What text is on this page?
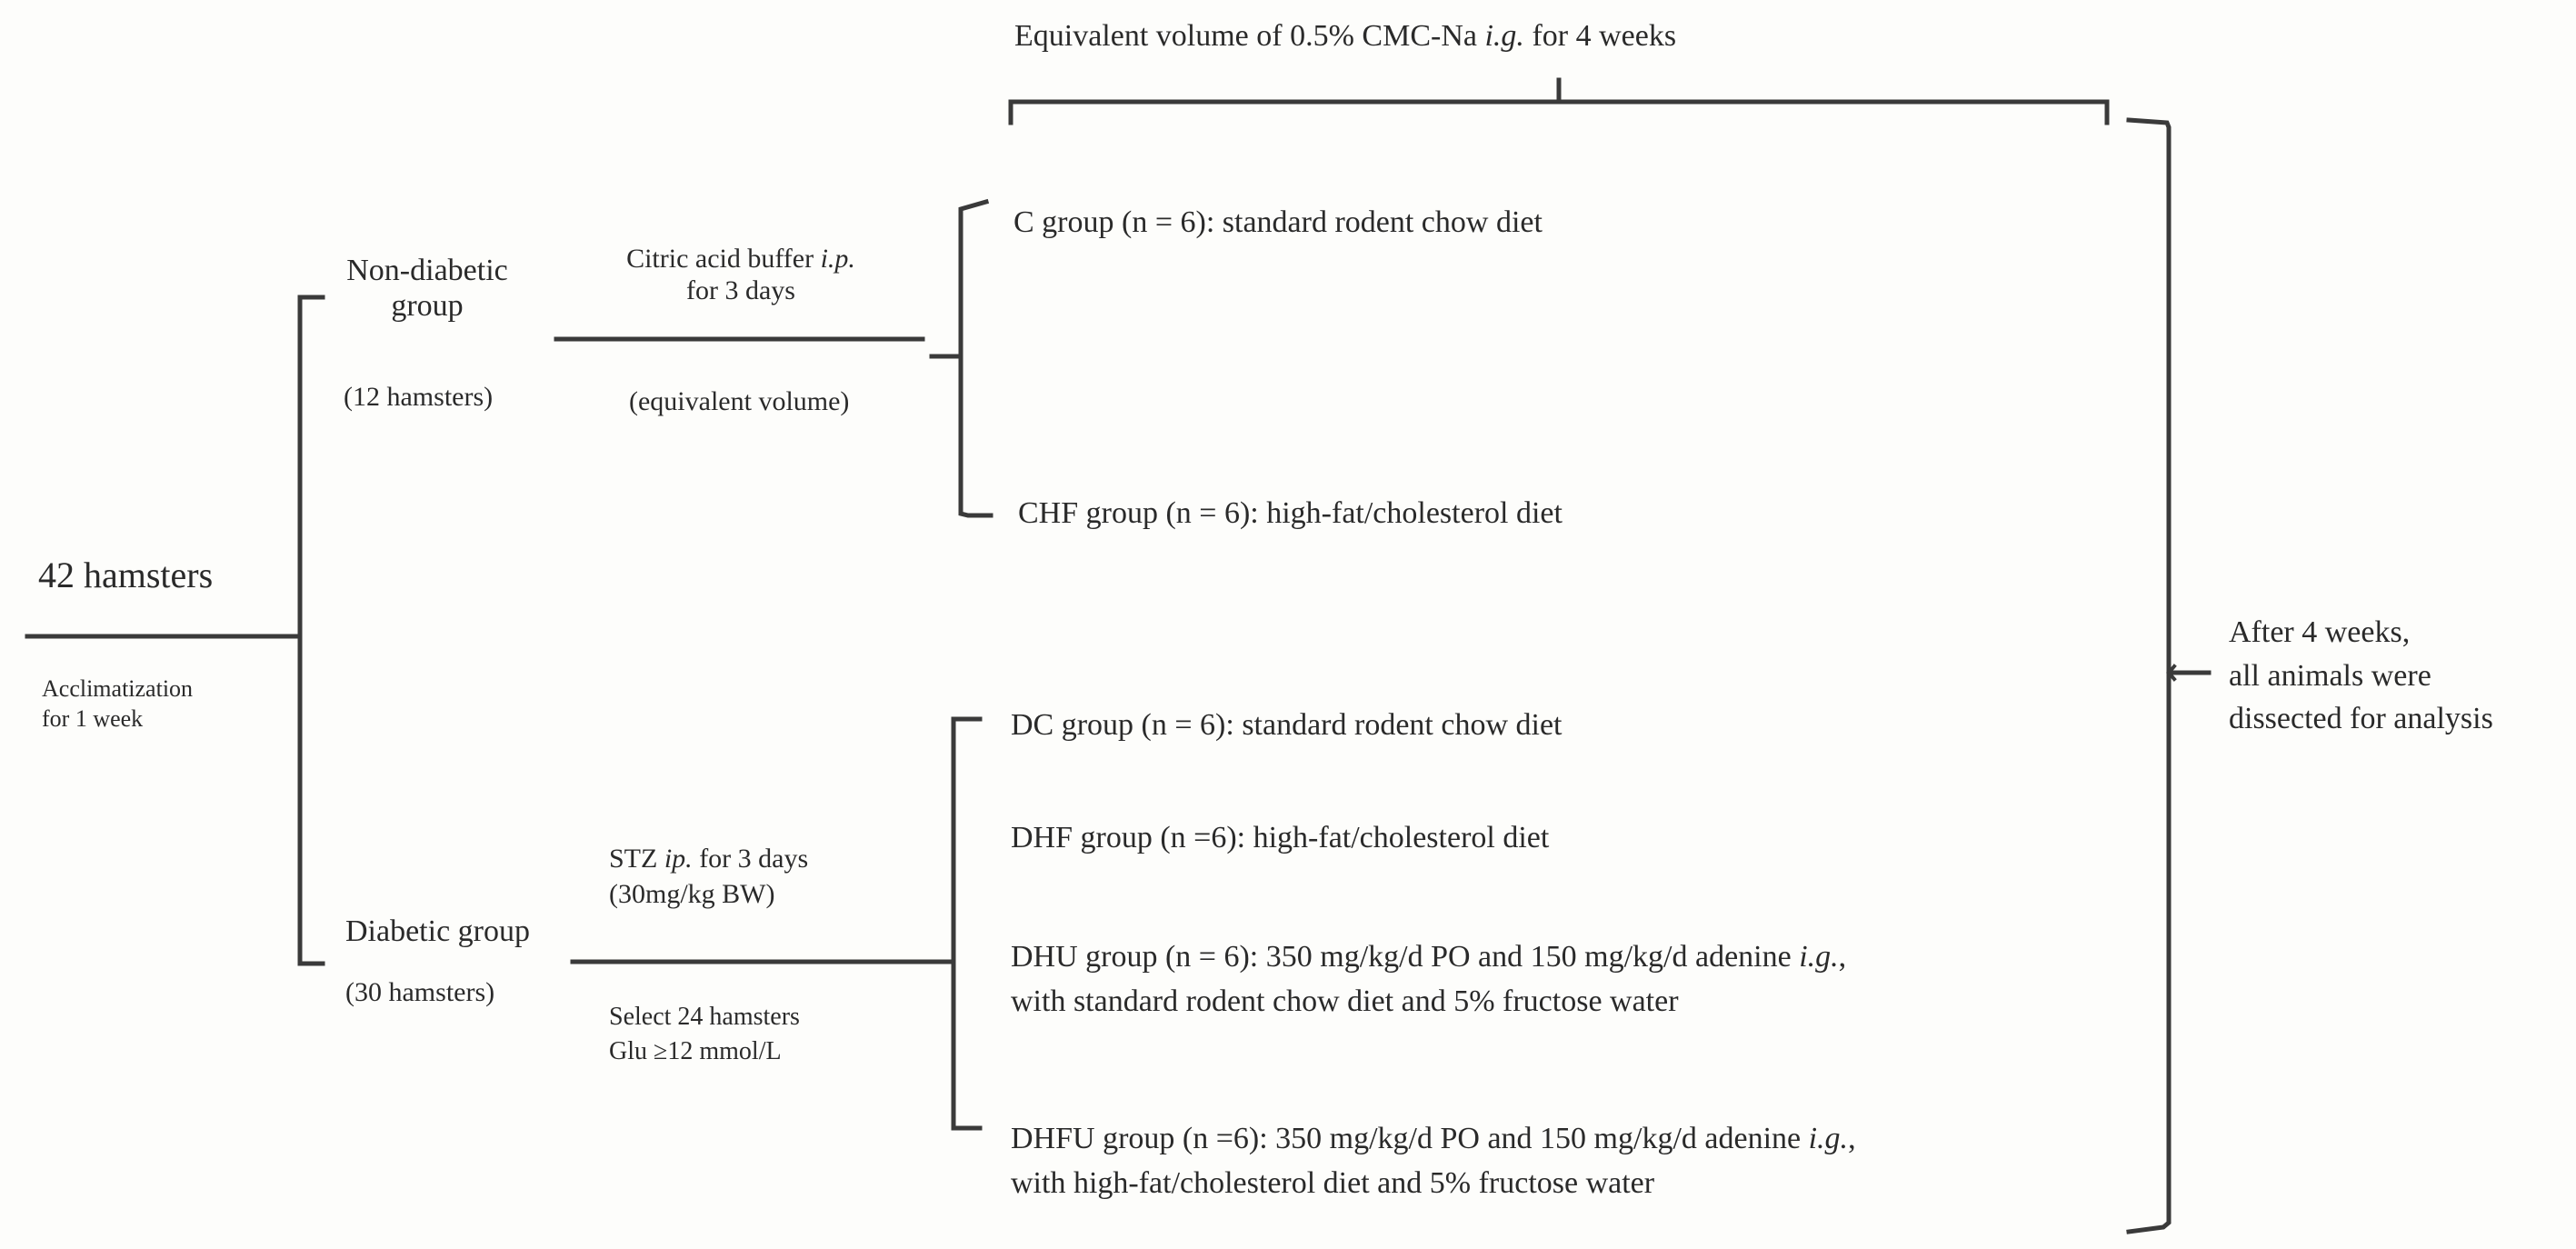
42 hamsters
Acclimatization
for 1 week
Non-diabetic
group
(12 hamsters)
Citric acid buffer i.p.
for 3 days
(equivalent volume)
C group (n = 6): standard rodent chow diet
CHF group (n = 6): high-fat/cholesterol diet
Diabetic group
(30 hamsters)
STZ ip. for 3 days
(30mg/kg BW)
Select 24 hamsters
Glu ≥12 mmol/L
DC group (n = 6): standard rodent chow diet
DHF group (n =6): high-fat/cholesterol diet
DHU group (n = 6): 350 mg/kg/d PO and 150 mg/kg/d adenine i.g.,
with standard rodent chow diet and 5% fructose water
DHFU group (n =6): 350 mg/kg/d PO and 150 mg/kg/d adenine i.g.,
with high-fat/cholesterol diet and 5% fructose water
Equivalent volume of 0.5% CMC-Na i.g. for 4 weeks
After 4 weeks,
all animals were
dissected for analysis
